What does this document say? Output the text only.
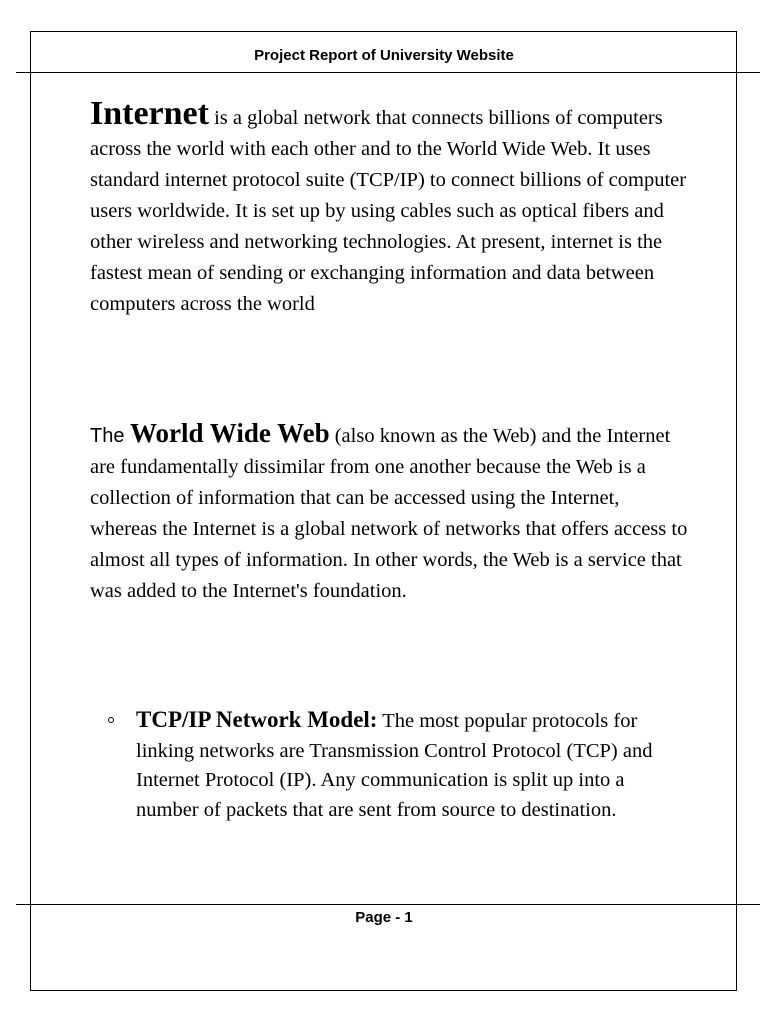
Project Report of University Website

Internet is a global network that connects billions of computers across the world with each other and to the World Wide Web. It uses standard internet protocol suite (TCP/IP) to connect billions of computer users worldwide. It is set up by using cables such as optical fibers and other wireless and networking technologies. At present, internet is the fastest mean of sending or exchanging information and data between computers across the world

The World Wide Web (also known as the Web) and the Internet are fundamentally dissimilar from one another because the Web is a collection of information that can be accessed using the Internet, whereas the Internet is a global network of networks that offers access to almost all types of information. In other words, the Web is a service that was added to the Internet's foundation.

TCP/IP Network Model: The most popular protocols for linking networks are Transmission Control Protocol (TCP) and Internet Protocol (IP). Any communication is split up into a number of packets that are sent from source to destination.

Page - 1
